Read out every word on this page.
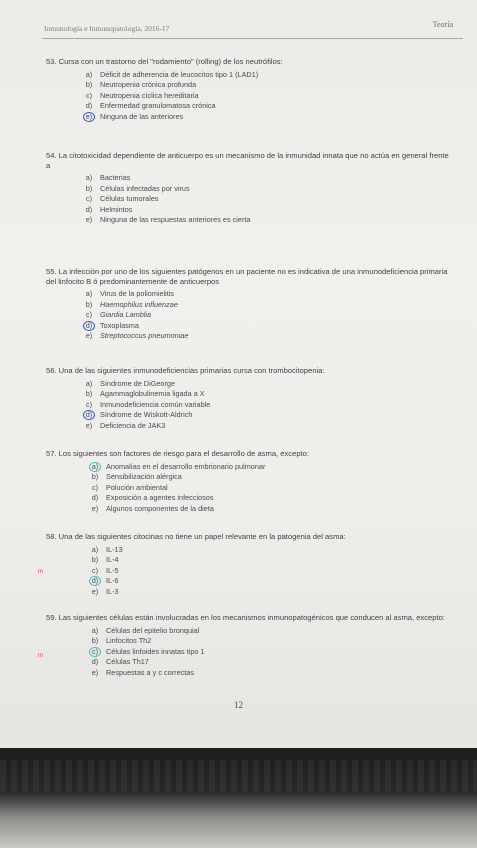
Inmunología e Inmunopatología, 2016-17	Teoría
53. Cursa con un trastorno del "rodamiento" (rolling) de los neutrófilos:
a) Déficit de adherencia de leucocitos tipo 1 (LAD1)
b) Neutropenia crónica profunda
c) Neutropenia cíclica hereditaria
d) Enfermedad granulomatosa crónica
e) Ninguna de las anteriores
54. La citotoxicidad dependiente de anticuerpo es un mecanismo de la inmunidad innata que no actúa en general frente a
a) Bacterias
b) Células infectadas por virus
c) Células tumorales
d) Helmintos
e) Ninguna de las respuestas anteriores es cierta
55. La infección por uno de los siguientes patógenos en un paciente no es indicativa de una inmunodeficiencia primaria del linfocito B ó predominantemente de anticuerpos
a) Virus de la poliomielitis
b) Haemophilus influenzae
c) Giardia Lamblia
d) Toxoplasma
e) Streptococcus pneumoniae
56. Una de las siguientes inmunodeficiencias primarias cursa con trombocitopenia:
a) Síndrome de DiGeorge
b) Agammaglobulinemia ligada a X
c) Inmunodeficiencia común variable
d) Síndrome de Wiskott-Aldrich
e) Deficiencia de JAK3
57. Los siguientes son factores de riesgo para el desarrollo de asma, excepto:
a) Anomalías en el desarrollo embrionario pulmonar
b) Sensibilización alérgica
c) Polución ambiental
d) Exposición a agentes infecciosos
e) Algunos componentes de la dieta
58. Una de las siguientes citocinas no tiene un papel relevante en la patogenia del asma:
a) IL-13
b) IL-4
c) IL-5
d) IL-6
e) IL-3
m
59. Las siguientes células están involucradas en los mecanismos inmunopatogénicos que conducen al asma, excepto:
a) Células del epitelio bronquial
b) Linfocitos Th2
c) Células linfoides innatas tipo 1
d) Células Th17
e) Respuestas a y c correctas
m
12
